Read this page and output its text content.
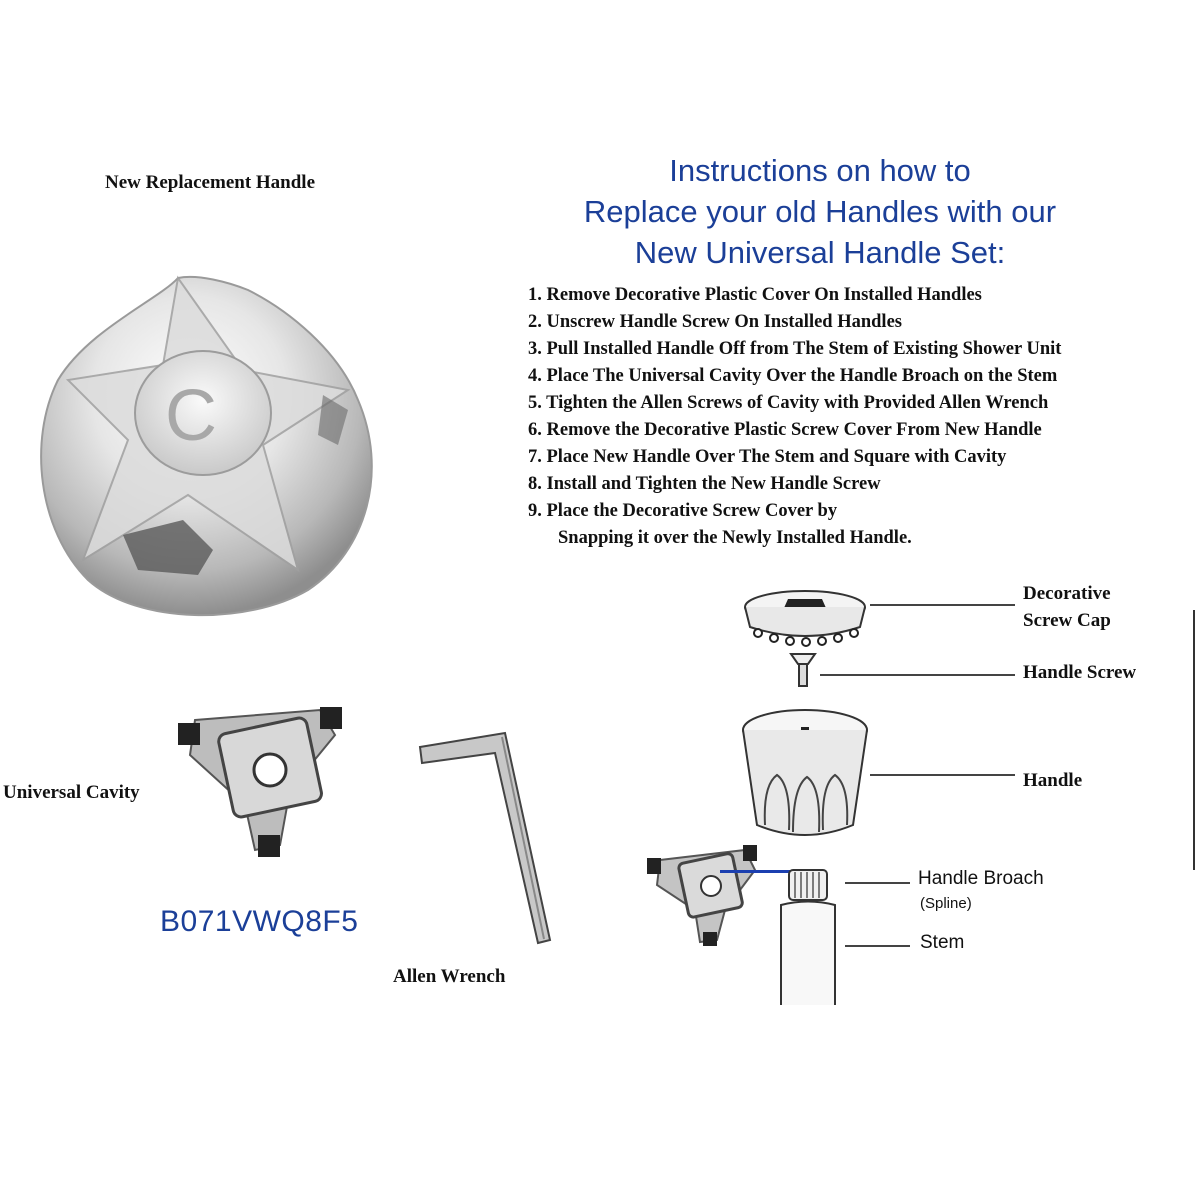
New Replacement Handle
C
Universal Cavity
B071VWQ8F5
Allen Wrench
Instructions on how to
Replace your old Handles with our
New Universal Handle Set:
1. Remove Decorative Plastic Cover On Installed Handles
2. Unscrew Handle Screw On Installed Handles
3. Pull Installed Handle Off from The Stem of Existing Shower Unit
4. Place The Universal Cavity Over the Handle Broach on the Stem
5. Tighten the Allen Screws of Cavity with Provided Allen Wrench
6. Remove the Decorative Plastic Screw Cover From New Handle
7. Place New Handle Over The Stem and Square with Cavity
8. Install and Tighten the New Handle Screw
9. Place the Decorative Screw Cover by
Snapping it over the Newly Installed Handle.
Decorative
Screw Cap
Handle Screw
Handle
Handle Broach
(Spline)
Stem
